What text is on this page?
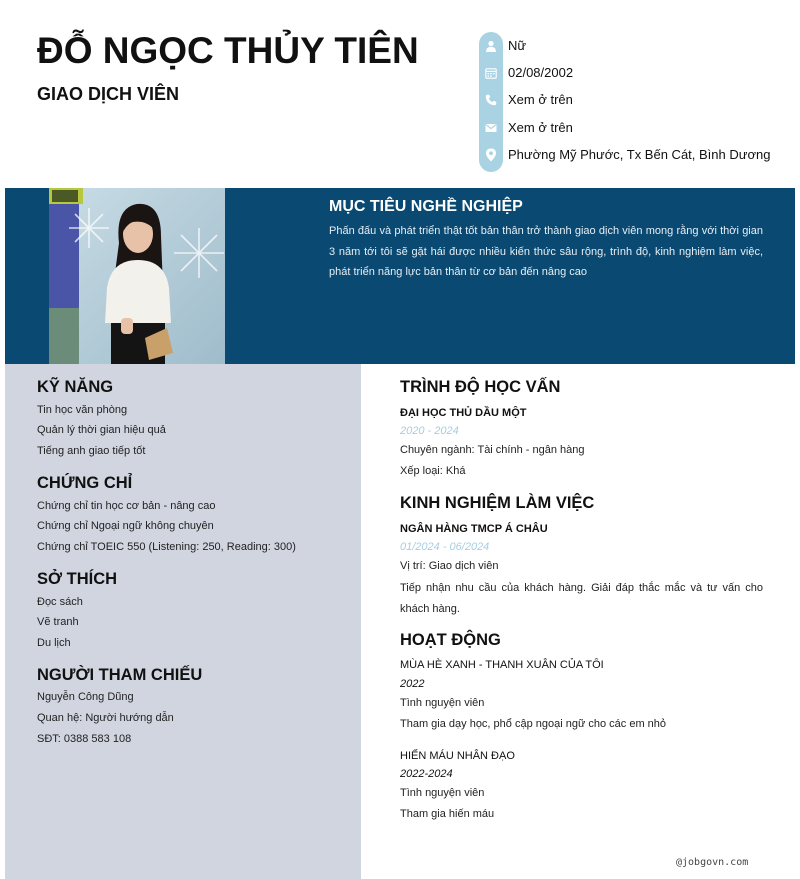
ĐỖ NGỌC THỦY TIÊN
GIAO DỊCH VIÊN
Nữ
02/08/2002
Xem ở trên
Xem ở trên
Phường Mỹ Phước, Tx Bến Cát, Bình Dương
MỤC TIÊU NGHỀ NGHIỆP
Phấn đấu và phát triển thật tốt bản thân trở thành giao dịch viên mong rằng với thời gian 3 năm tới tôi sẽ gặt hái được nhiều kiến thức sâu rộng, trình độ, kinh nghiệm làm việc, phát triển năng lực bản thân từ cơ bản đến nâng cao
KỸ NĂNG
Tin học văn phòng
Quản lý thời gian hiệu quả
Tiếng anh giao tiếp tốt
CHỨNG CHỈ
Chứng chỉ tin học cơ bản - nâng cao
Chứng chỉ Ngoại ngữ không chuyên
Chứng chỉ TOEIC 550 (Listening: 250, Reading: 300)
SỞ THÍCH
Đọc sách
Vẽ tranh
Du lịch
NGƯỜI THAM CHIẾU
Nguyễn Công Dũng
Quan hệ: Người hướng dẫn
SĐT: 0388 583 108
TRÌNH ĐỘ HỌC VẤN
ĐẠI HỌC THỦ DẦU MỘT
2020 - 2024
Chuyên ngành: Tài chính - ngân hàng
Xếp loại: Khá
KINH NGHIỆM LÀM VIỆC
NGÂN HÀNG TMCP Á CHÂU
01/2024 - 06/2024
Vị trí: Giao dịch viên
Tiếp nhận nhu cầu của khách hàng. Giải đáp thắc mắc và tư vấn cho khách hàng.
HOẠT ĐỘNG
MÙA HÈ XANH - THANH XUÂN CỦA TÔI
2022
Tình nguyện viên
Tham gia dạy học, phổ cập ngoại ngữ cho các em nhỏ
HIẾN MÁU NHÂN ĐẠO
2022-2024
Tình nguyện viên
Tham gia hiến máu
@jobgovn.com
